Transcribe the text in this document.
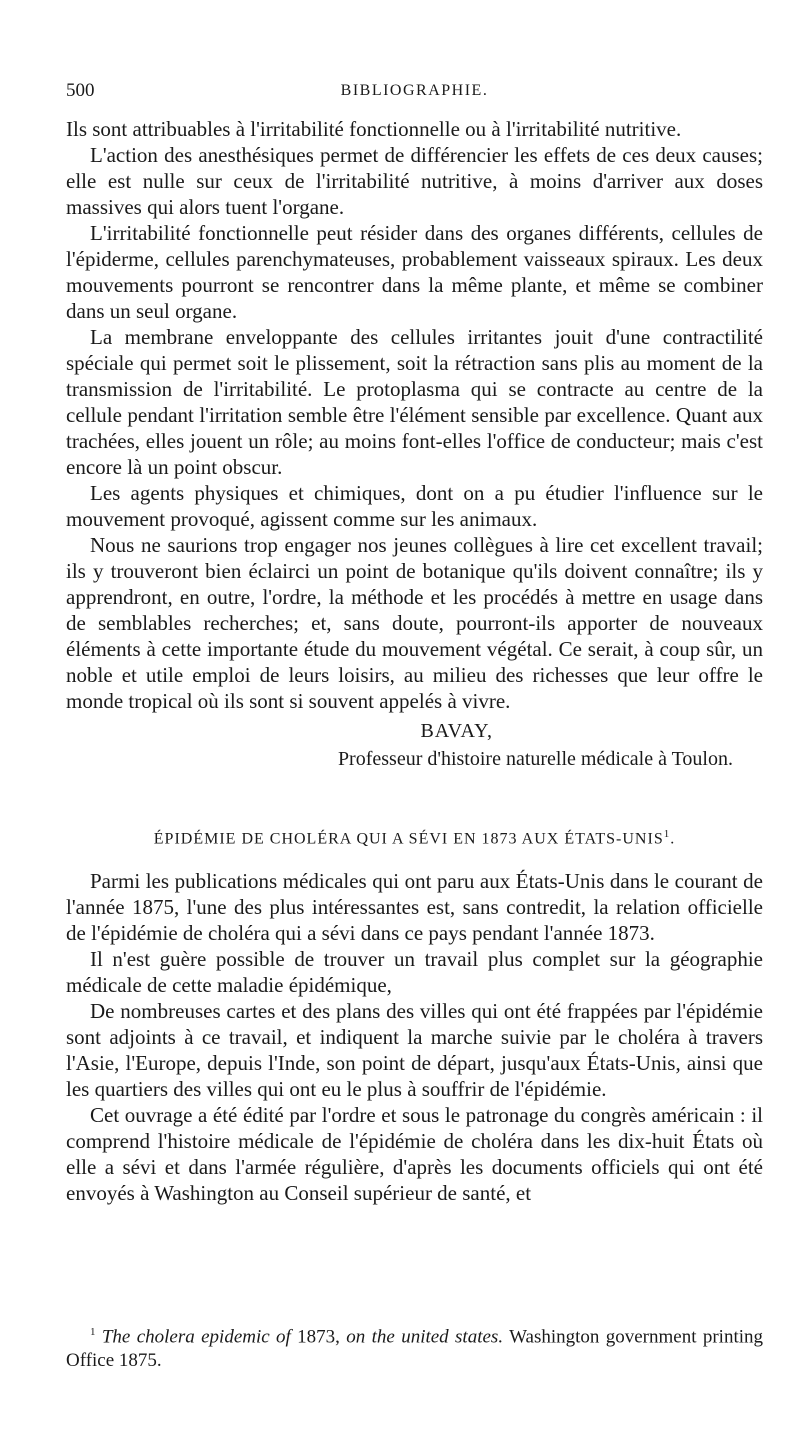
500	BIBLIOGRAPHIE.

Ils sont attribuables à l'irritabilité fonctionnelle ou à l'irritabilité nutritive.

L'action des anesthésiques permet de différencier les effets de ces deux causes; elle est nulle sur ceux de l'irritabilité nutritive, à moins d'arriver aux doses massives qui alors tuent l'organe.

L'irritabilité fonctionnelle peut résider dans des organes différents, cellules de l'épiderme, cellules parenchymateuses, probablement vaisseaux spiraux. Les deux mouvements pourront se rencontrer dans la même plante, et même se combiner dans un seul organe.

La membrane enveloppante des cellules irritantes jouit d'une contractilité spéciale qui permet soit le plissement, soit la rétraction sans plis au moment de la transmission de l'irritabilité. Le protoplasma qui se contracte au centre de la cellule pendant l'irritation semble être l'élément sensible par excellence. Quant aux trachées, elles jouent un rôle; au moins font-elles l'office de conducteur; mais c'est encore là un point obscur.

Les agents physiques et chimiques, dont on a pu étudier l'influence sur le mouvement provoqué, agissent comme sur les animaux.

Nous ne saurions trop engager nos jeunes collègues à lire cet excellent travail; ils y trouveront bien éclairci un point de botanique qu'ils doivent connaître; ils y apprendront, en outre, l'ordre, la méthode et les procédés à mettre en usage dans de semblables recherches; et, sans doute, pourront-ils apporter de nouveaux éléments à cette importante étude du mouvement végétal. Ce serait, à coup sûr, un noble et utile emploi de leurs loisirs, au milieu des richesses que leur offre le monde tropical où ils sont si souvent appelés à vivre.

BAVAY,
Professeur d'histoire naturelle médicale à Toulon.
ÉPIDÉMIE DE CHOLÉRA QUI A SÉVI EN 1873 AUX ÉTATS-UNIS$^1$.

Parmi les publications médicales qui ont paru aux États-Unis dans le courant de l'année 1875, l'une des plus intéressantes est, sans contredit, la relation officielle de l'épidémie de choléra qui a sévi dans ce pays pendant l'année 1873.

Il n'est guère possible de trouver un travail plus complet sur la géographie médicale de cette maladie épidémique,

De nombreuses cartes et des plans des villes qui ont été frappées par l'épidémie sont adjoints à ce travail, et indiquent la marche suivie par le choléra à travers l'Asie, l'Europe, depuis l'Inde, son point de départ, jusqu'aux États-Unis, ainsi que les quartiers des villes qui ont eu le plus à souffrir de l'épidémie.

Cet ouvrage a été édité par l'ordre et sous le patronage du congrès américain : il comprend l'histoire médicale de l'épidémie de choléra dans les dix-huit États où elle a sévi et dans l'armée régulière, d'après les documents officiels qui ont été envoyés à Washington au Conseil supérieur de santé, et

$^1$ The cholera epidemic of 1873, on the united states. Washington government printing Office 1875.
